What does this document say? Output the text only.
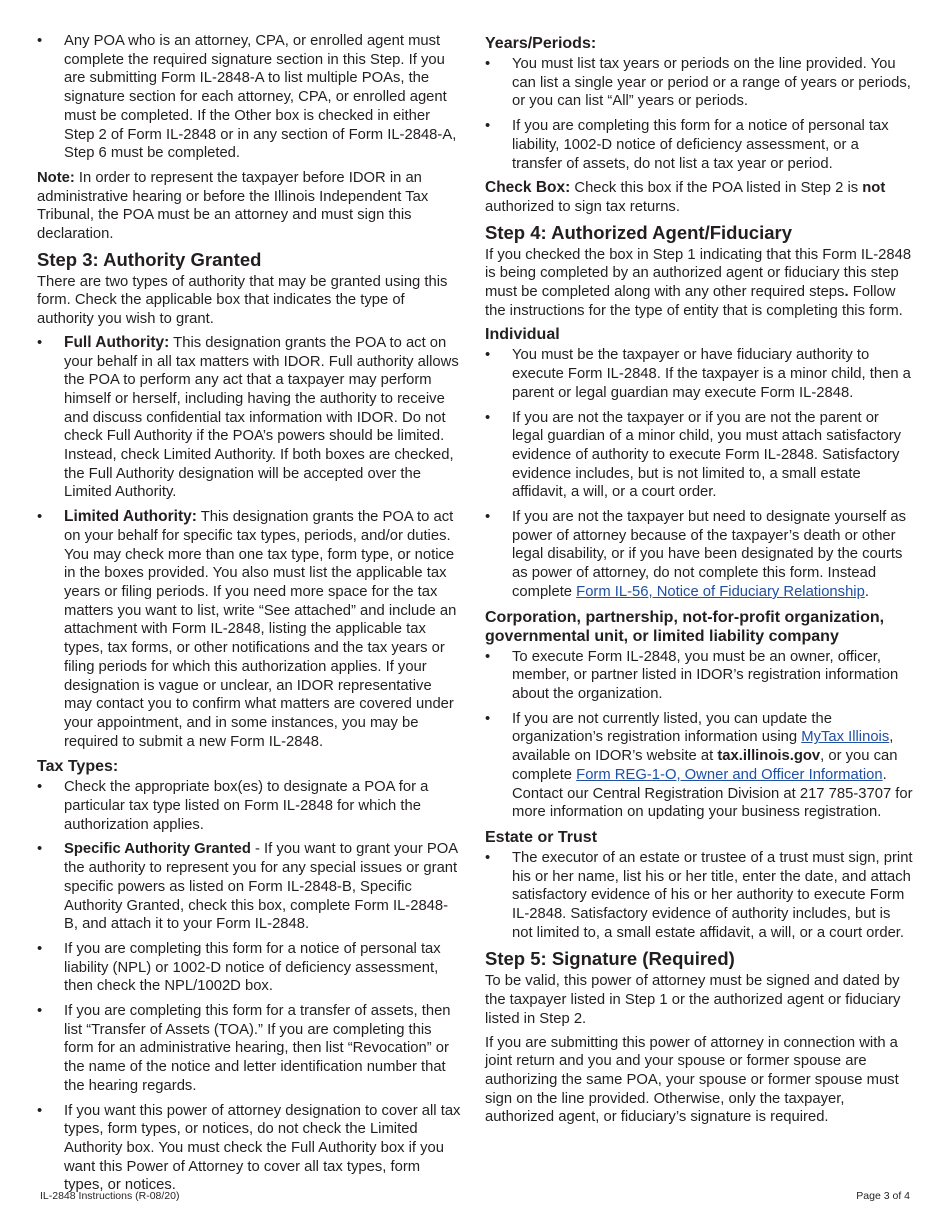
• Any POA who is an attorney, CPA, or enrolled agent must complete the required signature section in this Step. If you are submitting Form IL-2848-A to list multiple POAs, the signature section for each attorney, CPA, or enrolled agent must be completed. If the Other box is checked in either Step 2 of Form IL-2848 or in any section of Form IL-2848-A, Step 6 must be completed.

Note: In order to represent the taxpayer before IDOR in an administrative hearing or before the Illinois Independent Tax Tribunal, the POA must be an attorney and must sign this declaration.

Step 3: Authority Granted

There are two types of authority that may be granted using this form. Check the applicable box that indicates the type of authority you wish to grant.

• Full Authority: This designation grants the POA to act on your behalf in all tax matters with IDOR. Full authority allows the POA to perform any act that a taxpayer may perform himself or herself, including having the authority to receive and discuss confidential tax information with IDOR. Do not check Full Authority if the POA’s powers should be limited. Instead, check Limited Authority. If both boxes are checked, the Full Authority designation will be accepted over the Limited Authority.
• Limited Authority: This designation grants the POA to act on your behalf for specific tax types, periods, and/or duties. You may check more than one tax type, form type, or notice in the boxes provided. You also must list the applicable tax years or filing periods. If you need more space for the tax matters you want to list, write “See attached” and include an attachment with Form IL-2848, listing the applicable tax types, tax forms, or other notifications and the tax years or filing periods for which this authorization applies. If your designation is vague or unclear, an IDOR representative may contact you to confirm what matters are covered under your appointment, and in some instances, you may be required to submit a new Form IL-2848.
Tax Types:
• Check the appropriate box(es) to designate a POA for a particular tax type listed on Form IL-2848 for which the authorization applies.
• Specific Authority Granted - If you want to grant your POA the authority to represent you for any special issues or grant specific powers as listed on Form IL-2848-B, Specific Authority Granted, check this box, complete Form IL-2848-B, and attach it to your Form IL-2848.
• If you are completing this form for a notice of personal tax liability (NPL) or 1002-D notice of deficiency assessment, then check the NPL/1002D box.
• If you are completing this form for a transfer of assets, then list “Transfer of Assets (TOA).” If you are completing this form for an administrative hearing, then list “Revocation” or the name of the notice and letter identification number that the hearing regards.
• If you want this power of attorney designation to cover all tax types, form types, or notices, do not check the Limited Authority box. You must check the Full Authority box if you want this Power of Attorney to cover all tax types, form types, or notices.
Years/Periods:
• You must list tax years or periods on the line provided. You can list a single year or period or a range of years or periods, or you can list “All” years or periods.
• If you are completing this form for a notice of personal tax liability, 1002-D notice of deficiency assessment, or a transfer of assets, do not list a tax year or period.

Check Box: Check this box if the POA listed in Step 2 is not authorized to sign tax returns.

Step 4: Authorized Agent/Fiduciary

If you checked the box in Step 1 indicating that this Form IL-2848 is being completed by an authorized agent or fiduciary this step must be completed along with any other required steps. Follow the instructions for the type of entity that is completing this form.

Individual
• You must be the taxpayer or have fiduciary authority to execute Form IL-2848. If the taxpayer is a minor child, then a parent or legal guardian may execute Form IL-2848.
• If you are not the taxpayer or if you are not the parent or legal guardian of a minor child, you must attach satisfactory evidence of authority to execute Form IL-2848. Satisfactory evidence includes, but is not limited to, a small estate affidavit, a will, or a court order.
• If you are not the taxpayer but need to designate yourself as power of attorney because of the taxpayer’s death or other legal disability, or if you have been designated by the courts as power of attorney, do not complete this form. Instead complete Form IL-56, Notice of Fiduciary Relationship.
Corporation, partnership, not-for-profit organization, governmental unit, or limited liability company
• To execute Form IL-2848, you must be an owner, officer, member, or partner listed in IDOR’s registration information about the organization.
• If you are not currently listed, you can update the organization’s registration information using MyTax Illinois, available on IDOR’s website at tax.illinois.gov, or you can complete Form REG-1-O, Owner and Officer Information. Contact our Central Registration Division at 217 785-3707 for more information on updating your business registration.
Estate or Trust
• The executor of an estate or trustee of a trust must sign, print his or her name, list his or her title, enter the date, and attach satisfactory evidence of his or her authority to execute Form IL-2848. Satisfactory evidence of authority includes, but is not limited to, a small estate affidavit, a will, or a court order.
Step 5: Signature (Required)

To be valid, this power of attorney must be signed and dated by the taxpayer listed in Step 1 or the authorized agent or fiduciary listed in Step 2.

If you are submitting this power of attorney in connection with a joint return and you and your spouse or former spouse are authorizing the same POA, your spouse or former spouse must sign on the line provided. Otherwise, only the taxpayer, authorized agent, or fiduciary’s signature is required.

IL-2848 Instructions (R-08/20)	Page 3 of 4
